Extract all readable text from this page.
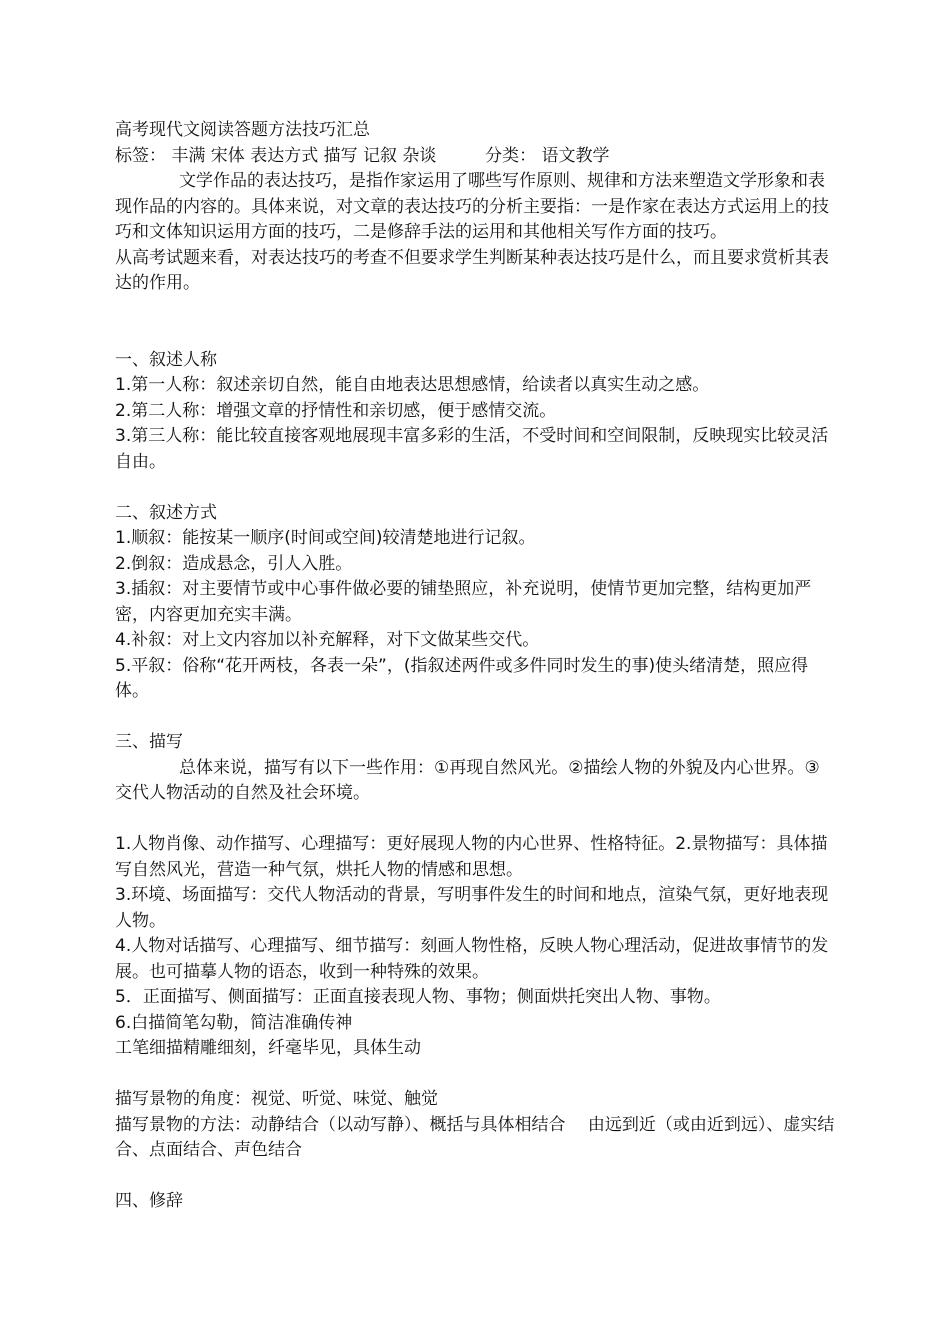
高考现代文阅读答题方法技巧汇总
标签： 丰满 宋体 表达方式 描写 记叙 杂谈	分类： 语文教学
文学作品的表达技巧，是指作家运用了哪些写作原则、规律和方法来塑造文学形象和表现作品的内容的。具体来说，对文章的表达技巧的分析主要指：一是作家在表达方式运用上的技巧和文体知识运用方面的技巧，二是修辞手法的运用和其他相关写作方面的技巧。
从高考试题来看，对表达技巧的考查不但要求学生判断某种表达技巧是什么，而且要求赏析其表达的作用。
一、叙述人称
1.第一人称：叙述亲切自然，能自由地表达思想感情，给读者以真实生动之感。
2.第二人称：增强文章的抒情性和亲切感，便于感情交流。
3.第三人称：能比较直接客观地展现丰富多彩的生活，不受时间和空间限制，反映现实比较灵活自由。
二、叙述方式
1.顺叙：能按某一顺序(时间或空间)较清楚地进行记叙。
2.倒叙：造成悬念，引人入胜。
3.插叙：对主要情节或中心事件做必要的铺垫照应，补充说明，使情节更加完整，结构更加严密，内容更加充实丰满。
4.补叙：对上文内容加以补充解释，对下文做某些交代。
5.平叙：俗称“花开两枝，各表一朵”，(指叙述两件或多件同时发生的事)使头绪清楚，照应得体。
三、描写
总体来说，描写有以下一些作用：①再现自然风光。②描绘人物的外貌及内心世界。③交代人物活动的自然及社会环境。
1.人物肖像、动作描写、心理描写：更好展现人物的内心世界、性格特征。2.景物描写：具体描写自然风光，营造一种气氛，烘托人物的情感和思想。
3.环境、场面描写：交代人物活动的背景，写明事件发生的时间和地点，渲染气氛，更好地表现人物。
4.人物对话描写、心理描写、细节描写：刻画人物性格，反映人物心理活动，促进故事情节的发展。也可描摹人物的语态，收到一种特殊的效果。
5．正面描写、侧面描写：正面直接表现人物、事物；侧面烘托突出人物、事物。
6.白描简笔勾勒，简洁准确传神
工笔细描精雕细刻，纤毫毕见，具体生动
描写景物的角度：视觉、听觉、味觉、触觉
描写景物的方法：动静结合（以动写静）、概括与具体相结合　 由远到近（或由近到远）、虚实结合、点面结合、声色结合
四、修辞
